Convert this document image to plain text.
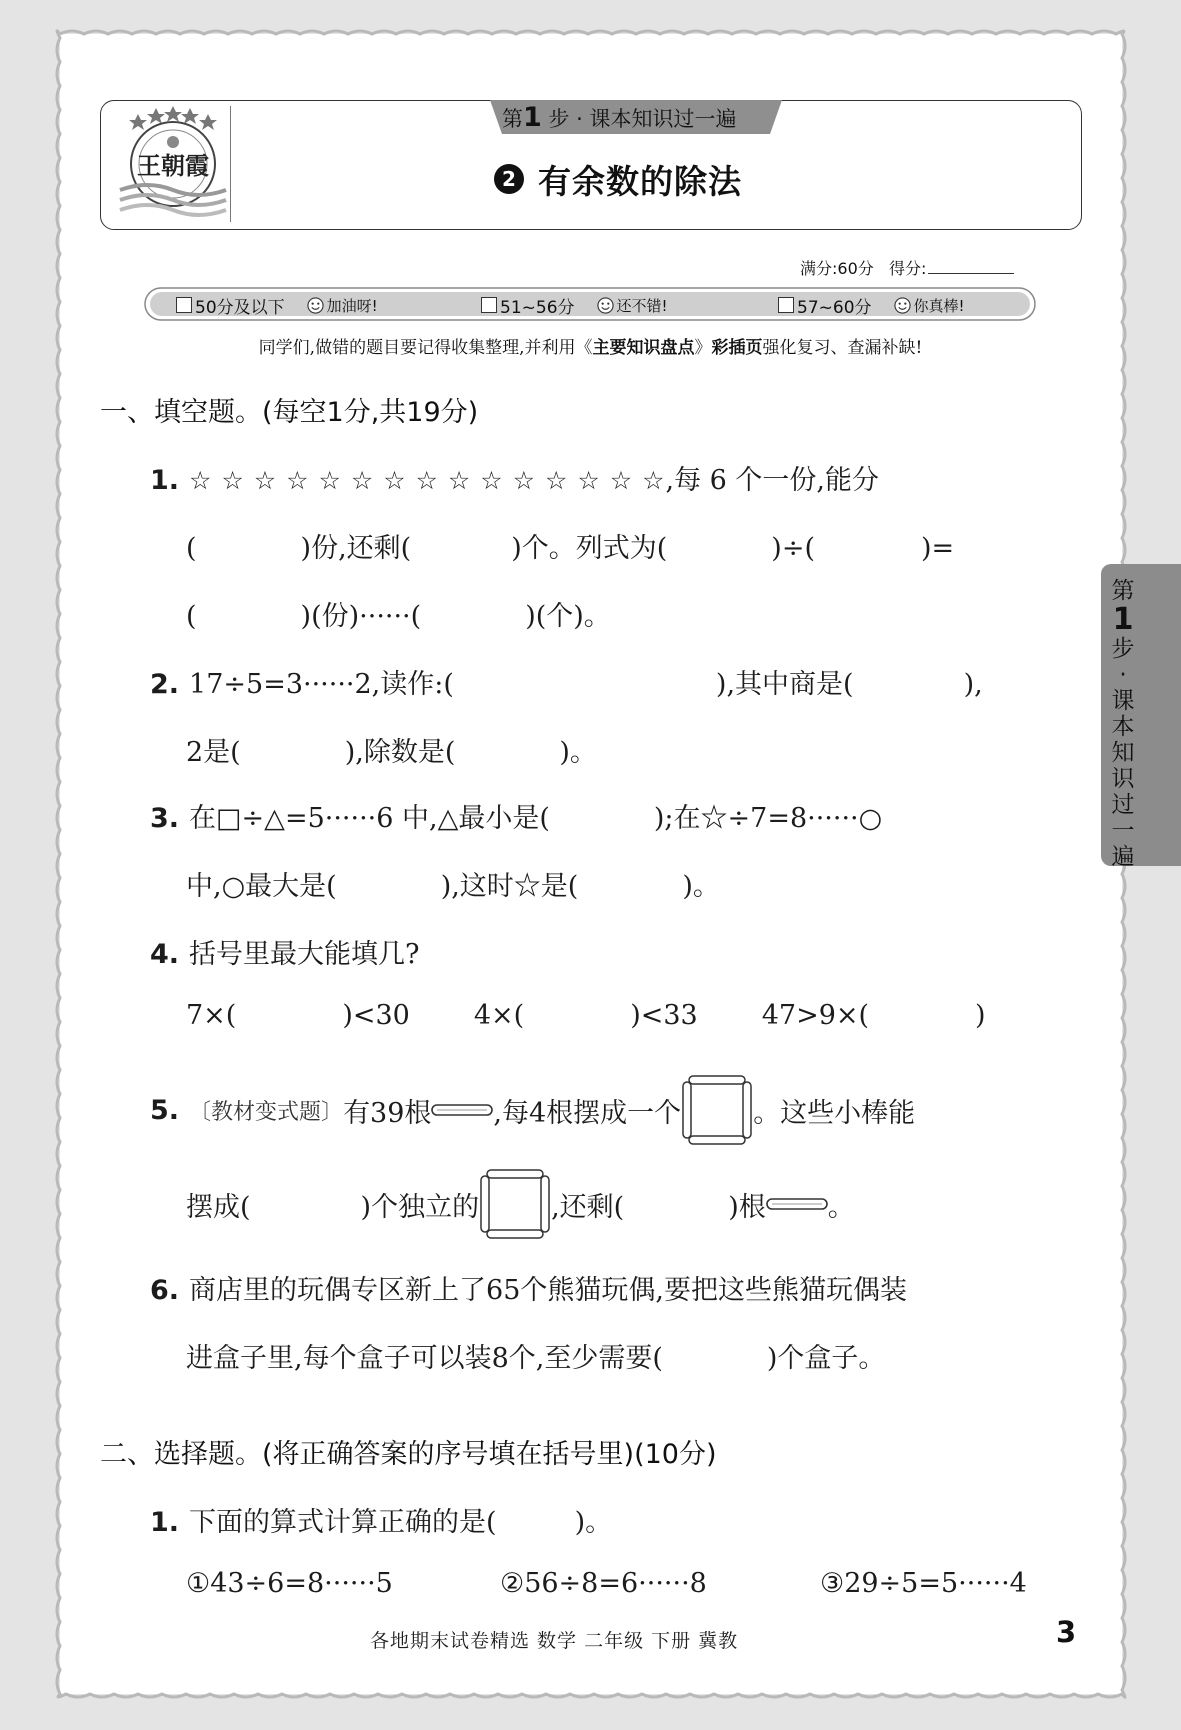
王朝霞
第1 步 · 课本知识过一遍
2 有余数的除法
满分:60分 得分:
50分及以下	加油呀!	51~56分	还不错!	57~60分	你真棒!
同学们,做错的题目要记得收集整理,并利用《主要知识盘点》彩插页强化复习、查漏补缺!
一、填空题。(每空1分,共19分)
1. ☆ ☆ ☆ ☆ ☆ ☆ ☆ ☆ ☆ ☆ ☆ ☆ ☆ ☆ ☆,每 6 个一份,能分
(	)份,还剩(	)个。列式为(	)÷(	)=
(	)(份)······(	)(个)。
2. 17÷5=3······2,读作:(	),其中商是(	),
2是(	),除数是(	)。
3. 在□÷△=5······6 中,△最小是(	);在☆÷7=8······○
中,○最大是(	),这时☆是(	)。
4. 括号里最大能填几?
7×(	)<30 4×(	)<33 47>9×(	)
5. 〔教材变式题〕 有39根 ,每4根摆成一个	。这些小棒能
摆成(	)个独立的	,还剩(	)根 。
6. 商店里的玩偶专区新上了65个熊猫玩偶,要把这些熊猫玩偶装
进盒子里,每个盒子可以装8个,至少需要(	)个盒子。
二、选择题。(将正确答案的序号填在括号里)(10分)
1. 下面的算式计算正确的是(	)。
①43÷6=8······5	②56÷8=6······8	③29÷5=5······4
第
1
步
·
课
本
知
识
过
一
遍
各地期末试卷精选 数学 二年级 下册 冀教	3
